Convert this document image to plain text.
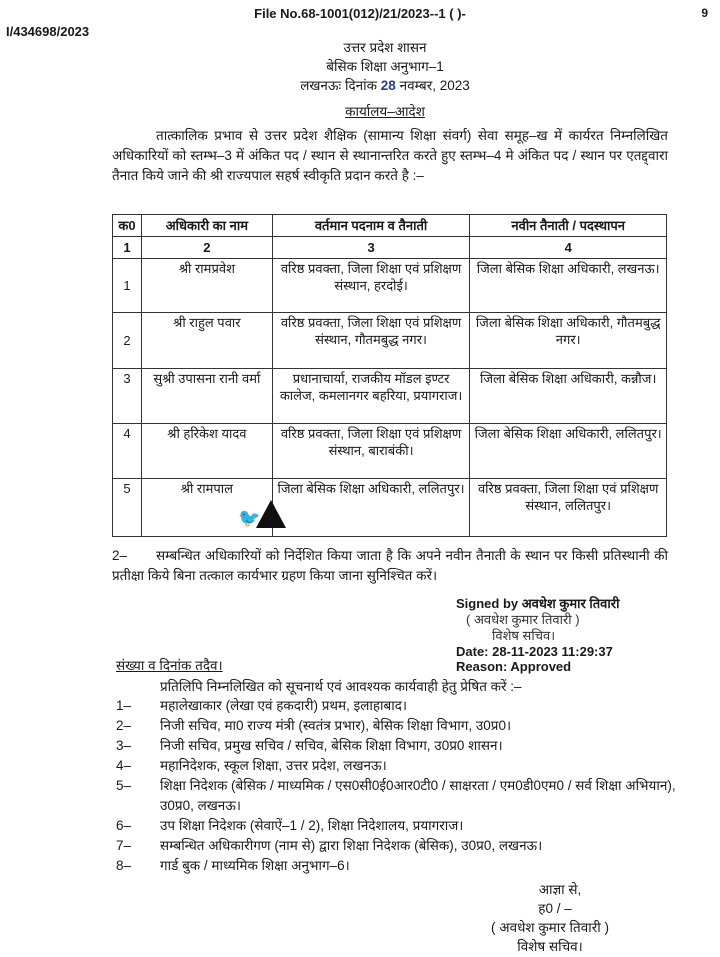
File No.68-1001(012)/21/2023--1 ( )-	9
I/434698/2023
उत्तर प्रदेश शासन
बेसिक शिक्षा अनुभाग–1
लखनऊः दिनांक 28 नवम्बर, 2023
कार्यालय–आदेश
तात्कालिक प्रभाव से उत्तर प्रदेश शैक्षिक (सामान्य शिक्षा संवर्ग) सेवा समूह–ख में कार्यरत निम्नलिखित अधिकारियों को स्तम्भ–3 में अंकित पद / स्थान से स्थानान्तरित करते हुए स्तम्भ–4 मे अंकित पद / स्थान पर एतद्द्वारा तैनात किये जाने की श्री राज्यपाल सहर्ष स्वीकृति प्रदान करते है :–
क0	अधिकारी का नाम	वर्तमान पदनाम व तैनाती	नवीन तैनाती / पदस्थापन
1	2	3	4
1	श्री रामप्रवेश	वरिष्ठ प्रवक्ता, जिला शिक्षा एवं प्रशिक्षण संस्थान, हरदोई।	जिला बेसिक शिक्षा अधिकारी, लखनऊ।
2	श्री राहुल पवार	वरिष्ठ प्रवक्ता, जिला शिक्षा एवं प्रशिक्षण संस्थान, गौतमबुद्ध नगर।	जिला बेसिक शिक्षा अधिकारी, गौतमबुद्ध नगर।
3	सुश्री उपासना रानी वर्मा	प्रधानाचार्या, राजकीय मॉडल इण्टर कालेज, कमलानगर बहरिया, प्रयागराज।	जिला बेसिक शिक्षा अधिकारी, कन्नौज।
4	श्री हरिकेश यादव	वरिष्ठ प्रवक्ता, जिला शिक्षा एवं प्रशिक्षण संस्थान, बाराबंकी।	जिला बेसिक शिक्षा अधिकारी, ललितपुर।
5	श्री रामपाल	जिला बेसिक शिक्षा अधिकारी, ललितपुर।	वरिष्ठ प्रवक्ता, जिला शिक्षा एवं प्रशिक्षण संस्थान, ललितपुर।
🐦
2– सम्बन्धित अधिकारियों को निर्देशित किया जाता है कि अपने नवीन तैनाती के स्थान पर किसी प्रतिस्थानी की प्रतीक्षा किये बिना तत्काल कार्यभार ग्रहण किया जाना सुनिश्चित करें।
Signed by अवधेश कुमार तिवारी
( अवधेश कुमार तिवारी )
विशेष सचिव।
Date: 28-11-2023 11:29:37
Reason: Approved
संख्या व दिनांक तदैव।
प्रतिलिपि निम्नलिखित को सूचनार्थ एवं आवश्यक कार्यवाही हेतु प्रेषित करें :–
1–	महालेखाकार (लेखा एवं हकदारी) प्रथम, इलाहाबाद।
2–	निजी सचिव, मा0 राज्य मंत्री (स्वतंत्र प्रभार), बेसिक शिक्षा विभाग, उ0प्र0।
3–	निजी सचिव, प्रमुख सचिव / सचिव, बेसिक शिक्षा विभाग, उ0प्र0 शासन।
4–	महानिदेशक, स्कूल शिक्षा, उत्तर प्रदेश, लखनऊ।
5–	शिक्षा निदेशक (बेसिक / माध्यमिक / एस0सी0ई0आर0टी0 / साक्षरता / एम0डी0एम0 / सर्व शिक्षा अभियान), उ0प्र0, लखनऊ।
6–	उप शिक्षा निदेशक (सेवाऐं–1 / 2), शिक्षा निदेशालय, प्रयागराज।
7–	सम्बन्धित अधिकारीगण (नाम से) द्वारा शिक्षा निदेशक (बेसिक), उ0प्र0, लखनऊ।
8–	गार्ड बुक / माध्यमिक शिक्षा अनुभाग–6।
आज्ञा से,
ह0 / –
( अवधेश कुमार तिवारी )
विशेष सचिव।
